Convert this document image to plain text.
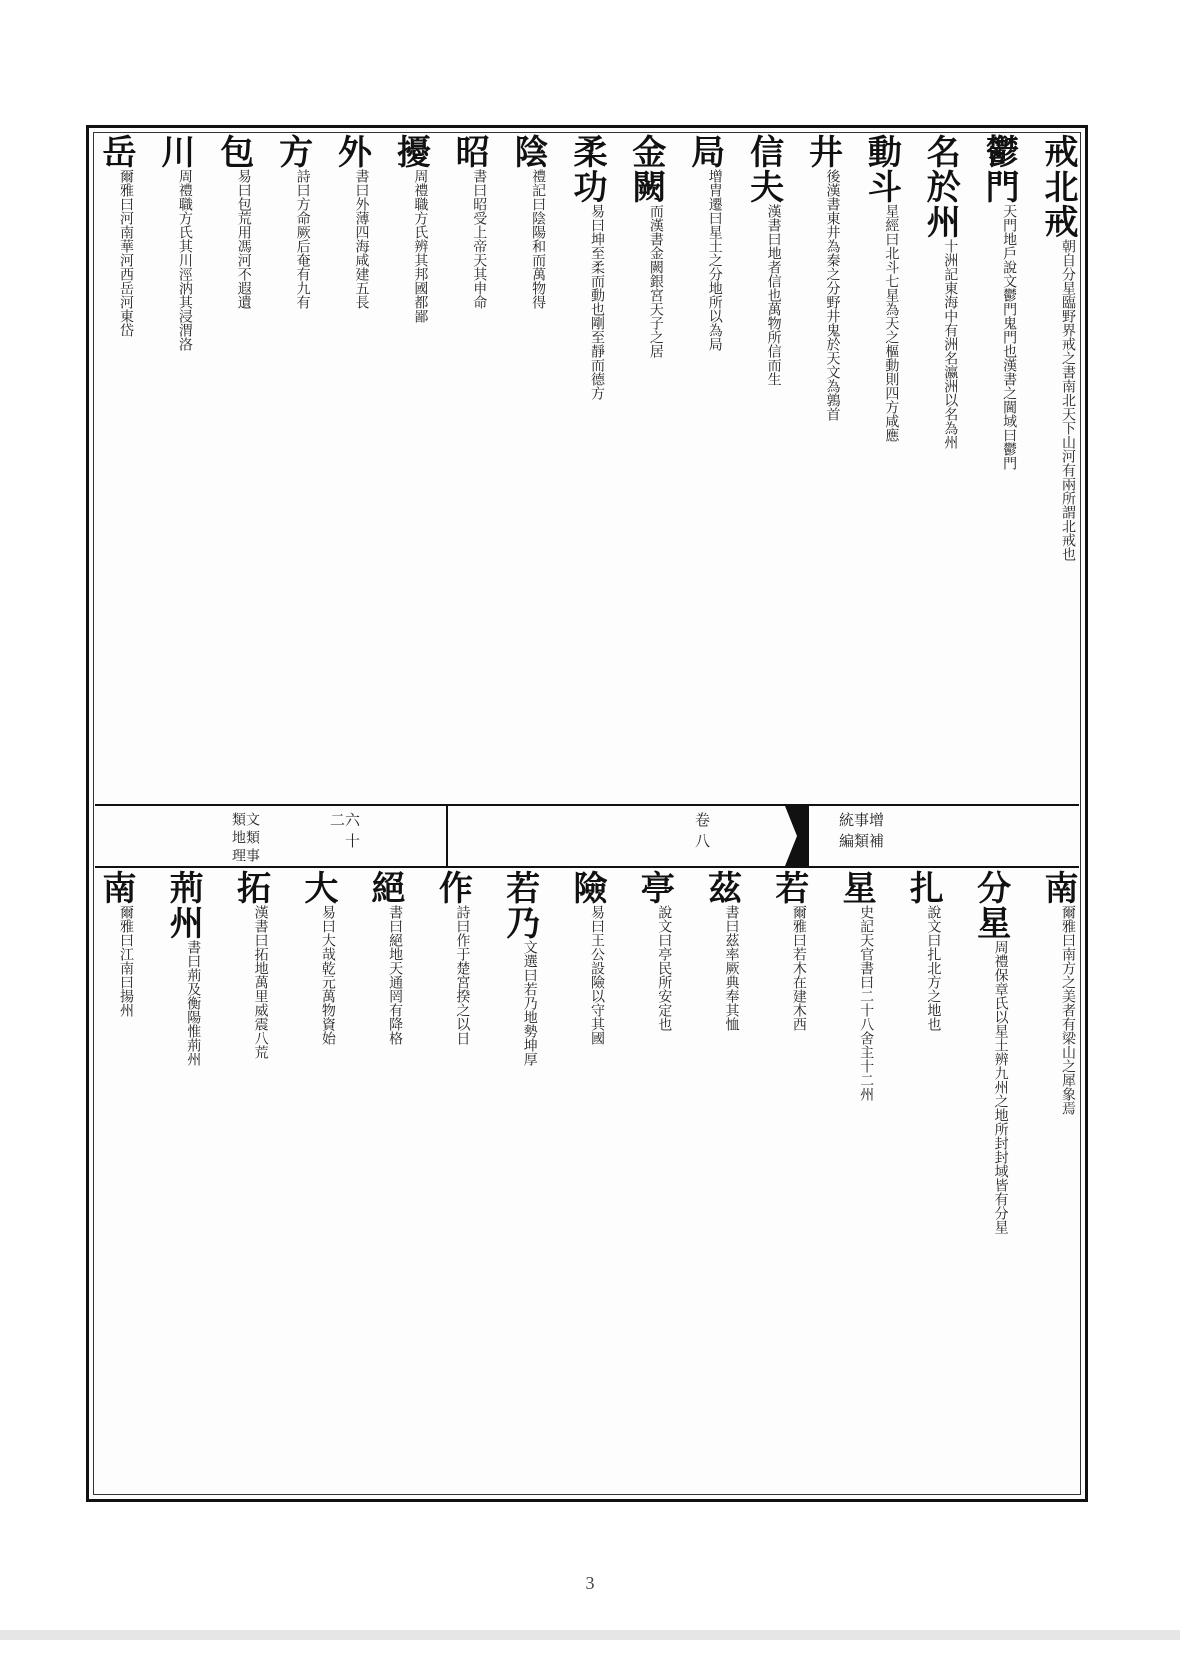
戒北戒
朝自分星臨野界戒之書南北天下山河有兩所謂北戒也
鬱門
天門地戶說文鬱門鬼門也漢書之閫域曰鬱門
名於州
十洲記東海中有洲名瀛洲以名為州
動斗
星經曰北斗七星為天之樞動則四方咸應
井
後漢書東井為秦之分野井鬼於天文為鶉首
信夫
漢書曰地者信也萬物所信而生
局
增胄遷曰星土之分地所以為局
金闕
而漢書金闕銀宮天子之居
柔功
易曰坤至柔而動也剛至靜而德方
陰
禮記曰陰陽和而萬物得
昭
書曰昭受上帝天其申命
擾
周禮職方氏辨其邦國都鄙
外
書曰外薄四海咸建五長
方
詩曰方命厥后奄有九有
包
易曰包荒用馮河不遐遺
川
周禮職方氏其川涇汭其浸渭洛
岳
爾雅曰河南華河西岳河東岱
增補事類統編
卷八
六十二
文類事類地理
南
爾雅曰南方之美者有梁山之犀象焉
分星
周禮保章氏以星土辨九州之地所封封域皆有分星
扎
說文曰扎北方之地也
星
史記天官書曰二十八舍主十二州
若
爾雅曰若木在建木西
茲
書曰茲率厥典奉其恤
亭
說文曰亭民所安定也
險
易曰王公設險以守其國
若乃
文選曰若乃地勢坤厚
作
詩曰作于楚宮揆之以日
絕
書曰絕地天通罔有降格
大
易曰大哉乾元萬物資始
拓
漢書曰拓地萬里威震八荒
荊州
書曰荊及衡陽惟荊州
南
爾雅曰江南曰揚州
3
